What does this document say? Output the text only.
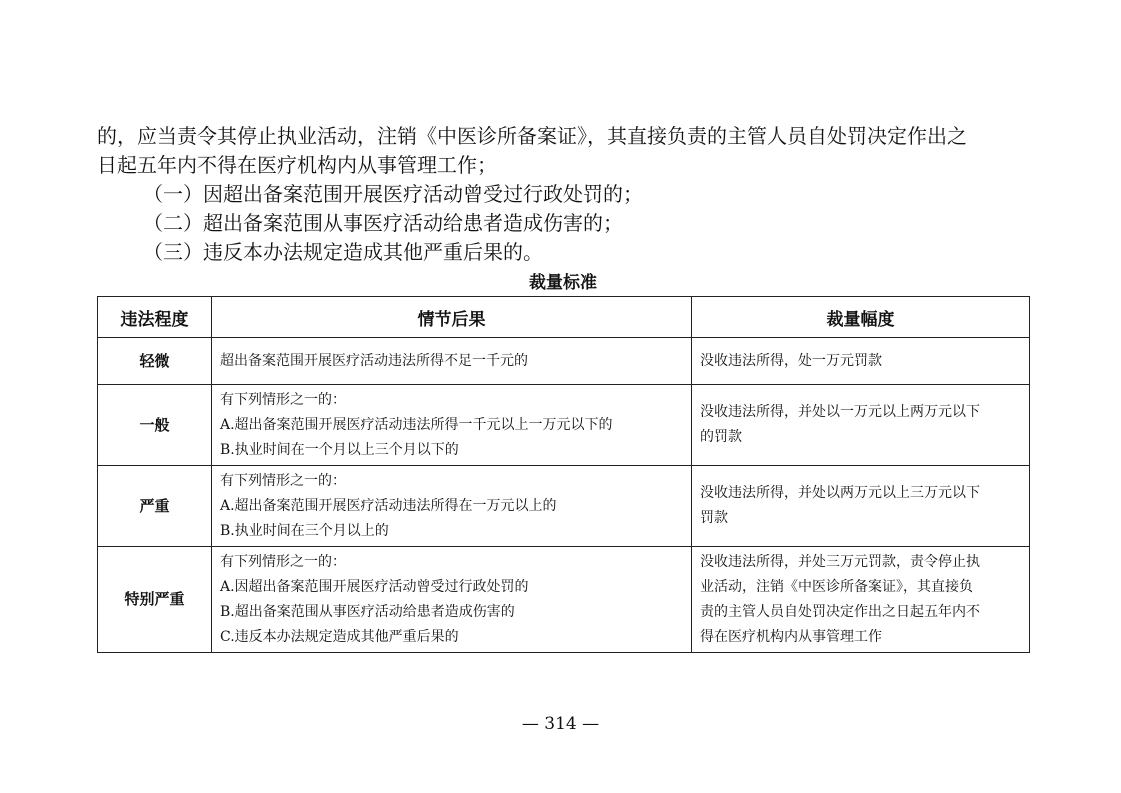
的，应当责令其停止执业活动，注销《中医诊所备案证》，其直接负责的主管人员自处罚决定作出之

日起五年内不得在医疗机构内从事管理工作；

（一）因超出备案范围开展医疗活动曾受过行政处罚的；

（二）超出备案范围从事医疗活动给患者造成伤害的；

（三）违反本办法规定造成其他严重后果的。

裁量标准
违法程度	情节后果	裁量幅度
轻微	超出备案范围开展医疗活动违法所得不足一千元的	没收违法所得，处一万元罚款

一般	有下列情形之一的：
A.超出备案范围开展医疗活动违法所得一千元以上一万元以下的
B.执业时间在一个月以上三个月以下的	没收违法所得，并处以一万元以上两万元以下
的罚款

严重	有下列情形之一的：
A.超出备案范围开展医疗活动违法所得在一万元以上的
B.执业时间在三个月以上的	没收违法所得，并处以两万元以上三万元以下
罚款

特别严重	有下列情形之一的：
A.因超出备案范围开展医疗活动曾受过行政处罚的
B.超出备案范围从事医疗活动给患者造成伤害的
C.违反本办法规定造成其他严重后果的	没收违法所得，并处三万元罚款，责令停止执
业活动，注销《中医诊所备案证》，其直接负
责的主管人员自处罚决定作出之日起五年内不
得在医疗机构内从事管理工作
— 314 —
